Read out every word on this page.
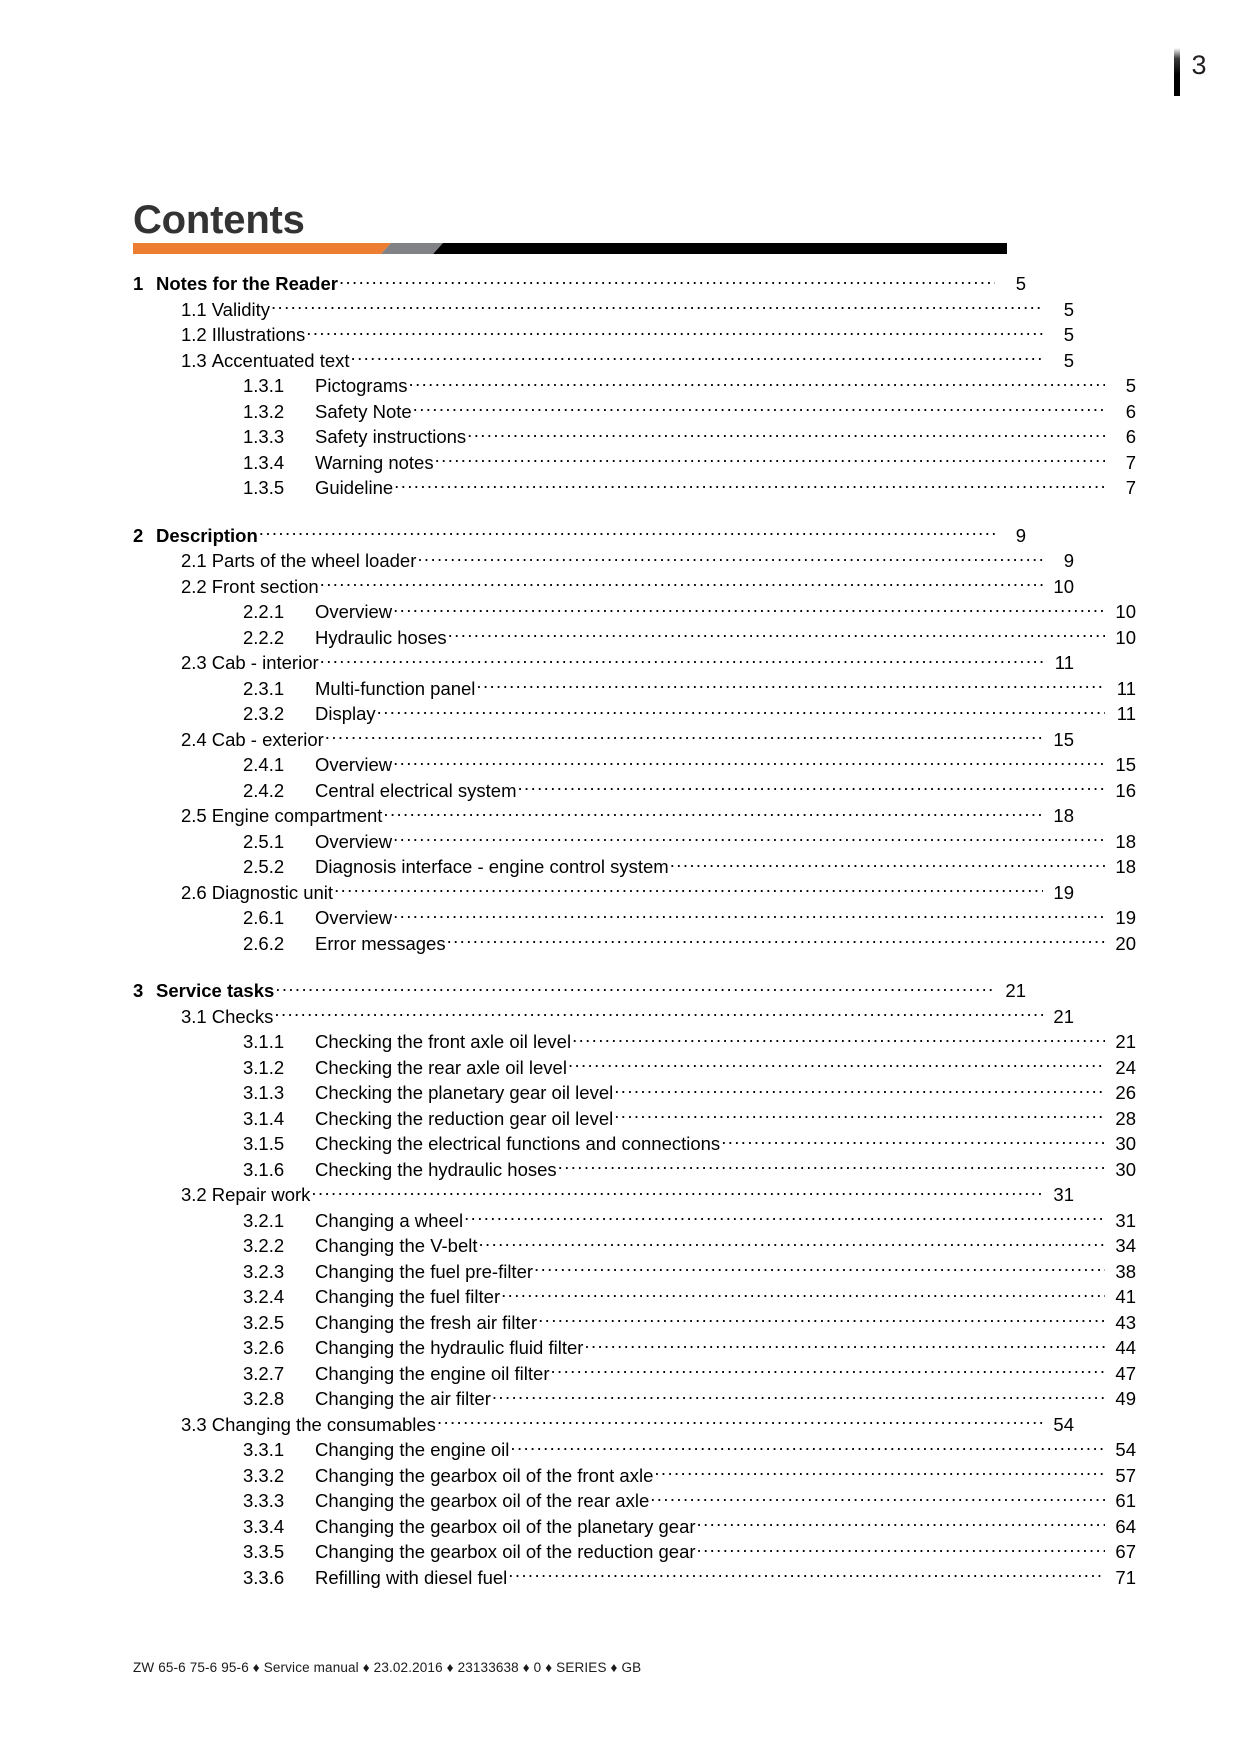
3
Contents
1 Notes for the Reader .....	5
1.1 Validity .....	5
1.2 Illustrations .....	5
1.3 Accentuated text .....	5
1.3.1	Pictograms .....	5
1.3.2	Safety Note .....	6
1.3.3	Safety instructions .....	6
1.3.4	Warning notes .....	7
1.3.5	Guideline .....	7
2 Description .....	9
2.1 Parts of the wheel loader .....	9
2.2 Front section .....	10
2.2.1	Overview .....	10
2.2.2	Hydraulic hoses .....	10
2.3 Cab - interior .....	11
2.3.1	Multi-function panel .....	11
2.3.2	Display .....	11
2.4 Cab - exterior .....	15
2.4.1	Overview .....	15
2.4.2	Central electrical system .....	16
2.5 Engine compartment .....	18
2.5.1	Overview .....	18
2.5.2	Diagnosis interface - engine control system .....	18
2.6 Diagnostic unit .....	19
2.6.1	Overview .....	19
2.6.2	Error messages .....	20
3 Service tasks .....	21
3.1 Checks .....	21
3.1.1	Checking the front axle oil level .....	21
3.1.2	Checking the rear axle oil level .....	24
3.1.3	Checking the planetary gear oil level .....	26
3.1.4	Checking the reduction gear oil level .....	28
3.1.5	Checking the electrical functions and connections .....	30
3.1.6	Checking the hydraulic hoses .....	30
3.2 Repair work .....	31
3.2.1	Changing a wheel .....	31
3.2.2	Changing the V-belt .....	34
3.2.3	Changing the fuel pre-filter .....	38
3.2.4	Changing the fuel filter .....	41
3.2.5	Changing the fresh air filter .....	43
3.2.6	Changing the hydraulic fluid filter .....	44
3.2.7	Changing the engine oil filter .....	47
3.2.8	Changing the air filter .....	49
3.3 Changing the consumables .....	54
3.3.1	Changing the engine oil .....	54
3.3.2	Changing the gearbox oil of the front axle .....	57
3.3.3	Changing the gearbox oil of the rear axle .....	61
3.3.4	Changing the gearbox oil of the planetary gear .....	64
3.3.5	Changing the gearbox oil of the reduction gear .....	67
3.3.6	Refilling with diesel fuel .....	71
ZW 65-6 75-6 95-6 ♦ Service manual ♦ 23.02.2016 ♦ 23133638 ♦ 0 ♦ SERIES ♦ GB
